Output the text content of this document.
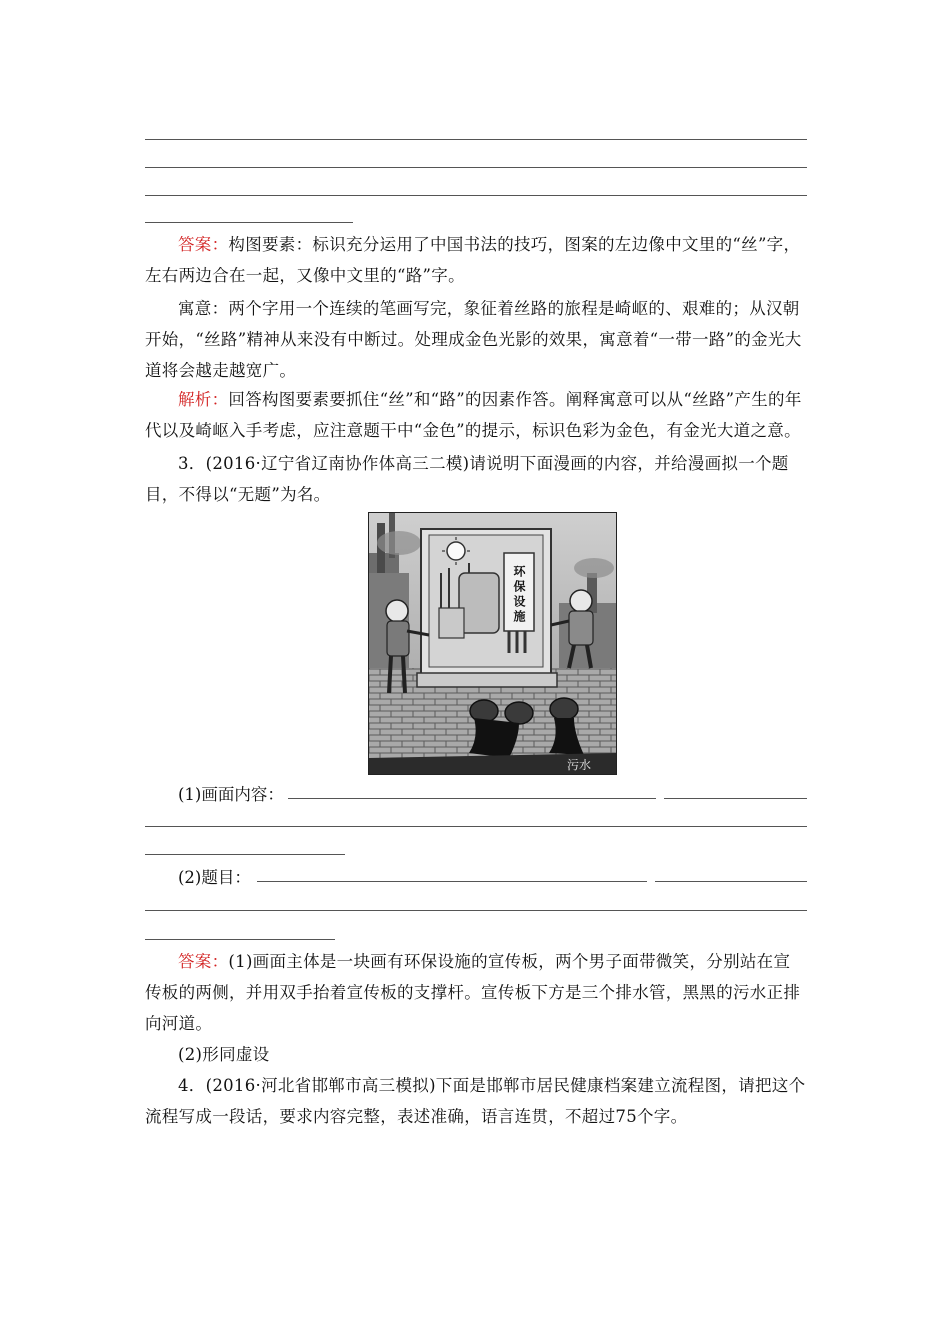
答案：构图要素：标识充分运用了中国书法的技巧，图案的左边像中文里的“丝”字，左右两边合在一起，又像中文里的“路”字。
寓意：两个字用一个连续的笔画写完，象征着丝路的旅程是崎岖的、艰难的；从汉朝开始，“丝路”精神从来没有中断过。处理成金色光影的效果，寓意着“一带一路”的金光大道将会越走越宽广。
解析：回答构图要素要抓住“丝”和“路”的因素作答。阐释寓意可以从“丝路”产生的年代以及崎岖入手考虑，应注意题干中“金色”的提示，标识色彩为金色，有金光大道之意。
3．(2016·辽宁省辽南协作体高三二模)请说明下面漫画的内容，并给漫画拟一个题目，不得以“无题”为名。
环保设施
污水
(1)画面内容：
(2)题目：
答案：(1)画面主体是一块画有环保设施的宣传板，两个男子面带微笑，分别站在宣传板的两侧，并用双手抬着宣传板的支撑杆。宣传板下方是三个排水管，黑黑的污水正排向河道。
(2)形同虚设
4．(2016·河北省邯郸市高三模拟)下面是邯郸市居民健康档案建立流程图，请把这个流程写成一段话，要求内容完整，表述准确，语言连贯，不超过75个字。
